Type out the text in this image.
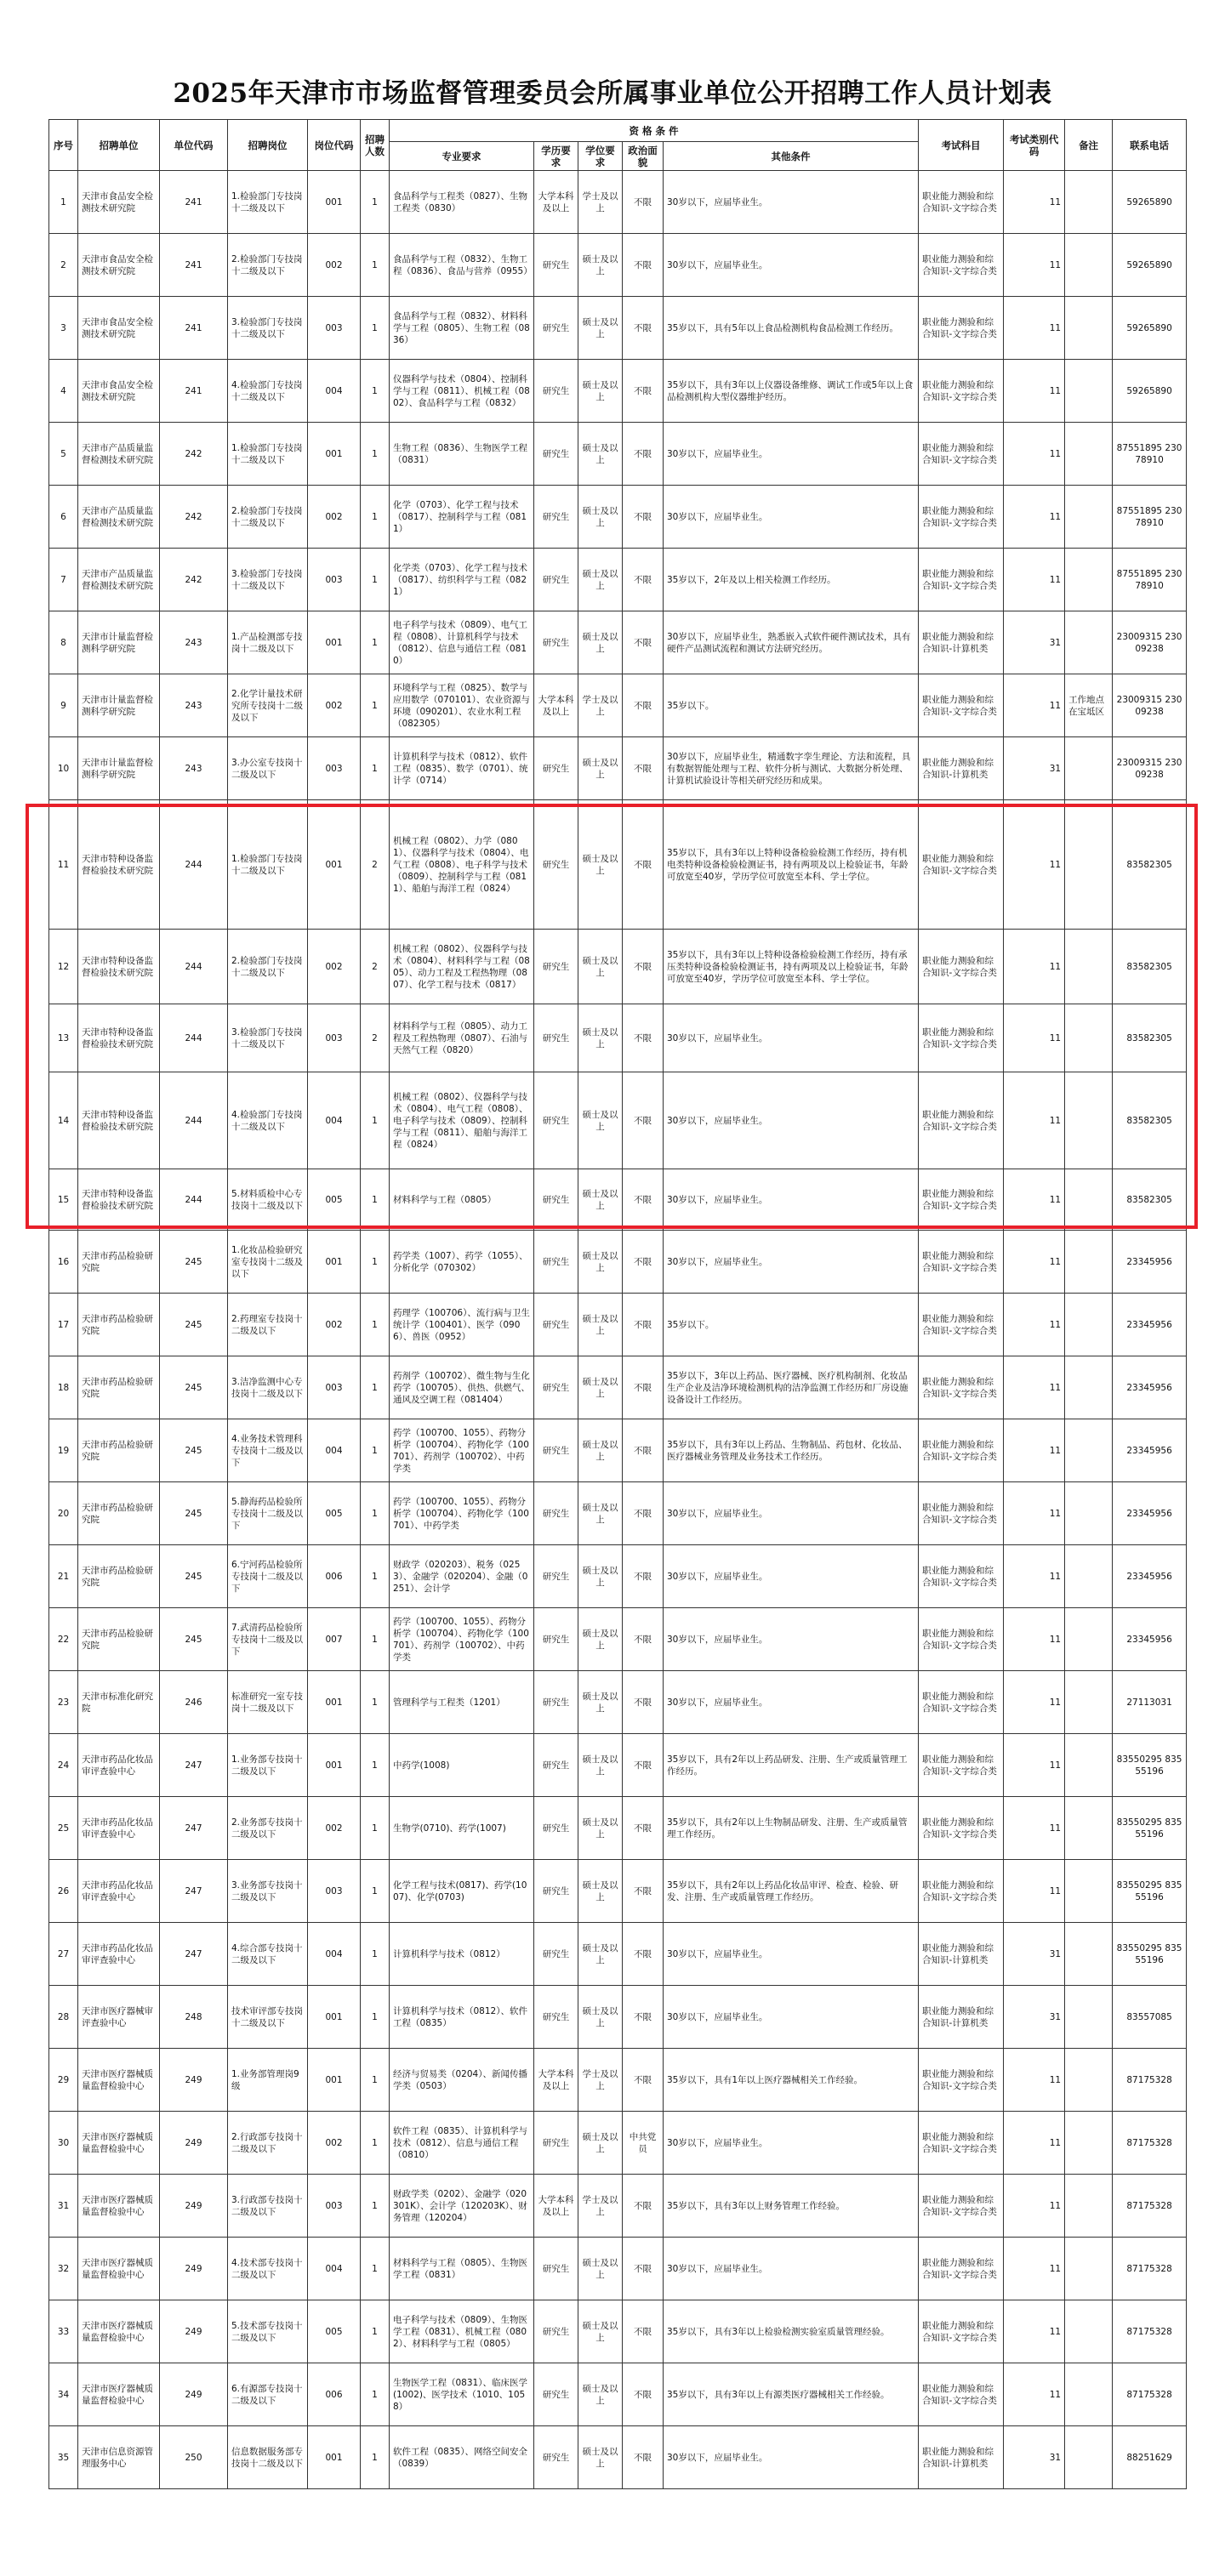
2025年天津市市场监督管理委员会所属事业单位公开招聘工作人员计划表
序号	招聘单位	单位代码	招聘岗位	岗位代码	招聘人数	资 格 条 件					考试科目	考试类别代码	备注	联系电话
						专业要求	学历要求	学位要求	政治面貌	其他条件				
1	天津市食品安全检测技术研究院	241	1.检验部门专技岗十二级及以下	001	1	食品科学与工程类（0827）、生物工程类（0830）	大学本科及以上	学士及以上	不限	30岁以下，应届毕业生。	职业能力测验和综合知识-文字综合类	11		59265890
2	天津市食品安全检测技术研究院	241	2.检验部门专技岗十二级及以下	002	1	食品科学与工程（0832）、生物工程（0836）、食品与营养（0955）	研究生	硕士及以上	不限	30岁以下，应届毕业生。	职业能力测验和综合知识-文字综合类	11		59265890
3	天津市食品安全检测技术研究院	241	3.检验部门专技岗十二级及以下	003	1	食品科学与工程（0832）、材料科学与工程（0805）、生物工程（0836）	研究生	硕士及以上	不限	35岁以下，具有5年以上食品检测机构食品检测工作经历。	职业能力测验和综合知识-文字综合类	11		59265890
4	天津市食品安全检测技术研究院	241	4.检验部门专技岗十二级及以下	004	1	仪器科学与技术（0804）、控制科学与工程（0811）、机械工程（0802）、食品科学与工程（0832）	研究生	硕士及以上	不限	35岁以下，具有3年以上仪器设备维修、调试工作或5年以上食品检测机构大型仪器维护经历。	职业能力测验和综合知识-文字综合类	11		59265890
5	天津市产品质量监督检测技术研究院	242	1.检验部门专技岗十二级及以下	001	1	生物工程（0836）、生物医学工程（0831）	研究生	硕士及以上	不限	30岁以下，应届毕业生。	职业能力测验和综合知识-文字综合类	11		87551895 23078910
6	天津市产品质量监督检测技术研究院	242	2.检验部门专技岗十二级及以下	002	1	化学（0703）、化学工程与技术（0817）、控制科学与工程（0811）	研究生	硕士及以上	不限	30岁以下，应届毕业生。	职业能力测验和综合知识-文字综合类	11		87551895 23078910
7	天津市产品质量监督检测技术研究院	242	3.检验部门专技岗十二级及以下	003	1	化学类（0703）、化学工程与技术（0817）、纺织科学与工程（0821）	研究生	硕士及以上	不限	35岁以下，2年及以上相关检测工作经历。	职业能力测验和综合知识-文字综合类	11		87551895 23078910
8	天津市计量监督检测科学研究院	243	1.产品检测部专技岗十二级及以下	001	1	电子科学与技术（0809）、电气工程（0808）、计算机科学与技术（0812）、信息与通信工程（0810）	研究生	硕士及以上	不限	30岁以下，应届毕业生，熟悉嵌入式软件硬件测试技术，具有硬件产品测试流程和测试方法研究经历。	职业能力测验和综合知识-计算机类	31		23009315 23009238
9	天津市计量监督检测科学研究院	243	2.化学计量技术研究所专技岗十二级及以下	002	1	环境科学与工程（0825）、数学与应用数学（070101）、农业资源与环境（090201）、农业水利工程（082305）	大学本科及以上	学士及以上	不限	35岁以下。	职业能力测验和综合知识-文字综合类	11	工作地点在宝坻区	23009315 23009238
10	天津市计量监督检测科学研究院	243	3.办公室专技岗十二级及以下	003	1	计算机科学与技术（0812）、软件工程（0835）、数学（0701）、统计学（0714）	研究生	硕士及以上	不限	30岁以下，应届毕业生，精通数字孪生理论、方法和流程，具有数据智能处理与工程、软件分析与测试、大数据分析处理、计算机试验设计等相关研究经历和成果。	职业能力测验和综合知识-计算机类	31		23009315 23009238
11	天津市特种设备监督检验技术研究院	244	1.检验部门专技岗十二级及以下	001	2	机械工程（0802）、力学（0801）、仪器科学与技术（0804）、电气工程（0808）、电子科学与技术（0809）、控制科学与工程（0811）、船舶与海洋工程（0824）	研究生	硕士及以上	不限	35岁以下，具有3年以上特种设备检验检测工作经历，持有机电类特种设备检验检测证书，持有两项及以上检验证书，年龄可放宽至40岁，学历学位可放宽至本科、学士学位。	职业能力测验和综合知识-文字综合类	11		83582305
12	天津市特种设备监督检验技术研究院	244	2.检验部门专技岗十二级及以下	002	2	机械工程（0802）、仪器科学与技术（0804）、材料科学与工程（0805）、动力工程及工程热物理（0807）、化学工程与技术（0817）	研究生	硕士及以上	不限	35岁以下，具有3年以上特种设备检验检测工作经历，持有承压类特种设备检验检测证书，持有两项及以上检验证书，年龄可放宽至40岁，学历学位可放宽至本科、学士学位。	职业能力测验和综合知识-文字综合类	11		83582305
13	天津市特种设备监督检验技术研究院	244	3.检验部门专技岗十二级及以下	003	2	材料科学与工程（0805）、动力工程及工程热物理（0807）、石油与天然气工程（0820）	研究生	硕士及以上	不限	30岁以下，应届毕业生。	职业能力测验和综合知识-文字综合类	11		83582305
14	天津市特种设备监督检验技术研究院	244	4.检验部门专技岗十二级及以下	004	1	机械工程（0802）、仪器科学与技术（0804）、电气工程（0808）、电子科学与技术（0809）、控制科学与工程（0811）、船舶与海洋工程（0824）	研究生	硕士及以上	不限	30岁以下，应届毕业生。	职业能力测验和综合知识-文字综合类	11		83582305
15	天津市特种设备监督检验技术研究院	244	5.材料质检中心专技岗十二级及以下	005	1	材料科学与工程（0805）	研究生	硕士及以上	不限	30岁以下，应届毕业生。	职业能力测验和综合知识-文字综合类	11		83582305
16	天津市药品检验研究院	245	1.化妆品检验研究室专技岗十二级及以下	001	1	药学类（1007）、药学（1055）、分析化学（070302）	研究生	硕士及以上	不限	30岁以下，应届毕业生。	职业能力测验和综合知识-文字综合类	11		23345956
17	天津市药品检验研究院	245	2.药理室专技岗十二级及以下	002	1	药理学（100706）、流行病与卫生统计学（100401）、医学（0906）、兽医（0952）	研究生	硕士及以上	不限	35岁以下。	职业能力测验和综合知识-文字综合类	11		23345956
18	天津市药品检验研究院	245	3.洁净监测中心专技岗十二级及以下	003	1	药剂学（100702）、微生物与生化药学（100705）、供热、供燃气、通风及空调工程（081404）	研究生	硕士及以上	不限	35岁以下，3年以上药品、医疗器械、医疗机构制剂、化妆品生产企业及洁净环境检测机构的洁净监测工作经历和厂房设施设备设计工作经历。	职业能力测验和综合知识-文字综合类	11		23345956
19	天津市药品检验研究院	245	4.业务技术管理科专技岗十二级及以下	004	1	药学（100700、1055）、药物分析学（100704）、药物化学（100701）、药剂学（100702）、中药学类	研究生	硕士及以上	不限	35岁以下，具有3年以上药品、生物制品、药包材、化妆品、医疗器械业务管理及业务技术工作经历。	职业能力测验和综合知识-文字综合类	11		23345956
20	天津市药品检验研究院	245	5.静海药品检验所专技岗十二级及以下	005	1	药学（100700、1055）、药物分析学（100704）、药物化学（100701）、中药学类	研究生	硕士及以上	不限	30岁以下，应届毕业生。	职业能力测验和综合知识-文字综合类	11		23345956
21	天津市药品检验研究院	245	6.宁河药品检验所专技岗十二级及以下	006	1	财政学（020203）、税务（0253）、金融学（020204）、金融（0251）、会计学	研究生	硕士及以上	不限	30岁以下，应届毕业生。	职业能力测验和综合知识-文字综合类	11		23345956
22	天津市药品检验研究院	245	7.武清药品检验所专技岗十二级及以下	007	1	药学（100700、1055）、药物分析学（100704）、药物化学（100701）、药剂学（100702）、中药学类	研究生	硕士及以上	不限	30岁以下，应届毕业生。	职业能力测验和综合知识-文字综合类	11		23345956
23	天津市标准化研究院	246	标准研究一室专技岗十二级及以下	001	1	管理科学与工程类（1201）	研究生	硕士及以上	不限	30岁以下，应届毕业生。	职业能力测验和综合知识-文字综合类	11		27113031
24	天津市药品化妆品审评查验中心	247	1.业务部专技岗十二级及以下	001	1	中药学(1008)	研究生	硕士及以上	不限	35岁以下，具有2年以上药品研发、注册、生产或质量管理工作经历。	职业能力测验和综合知识-文字综合类	11		83550295 83555196
25	天津市药品化妆品审评查验中心	247	2.业务部专技岗十二级及以下	002	1	生物学(0710)、药学(1007)	研究生	硕士及以上	不限	35岁以下，具有2年以上生物制品研发、注册、生产或质量管理工作经历。	职业能力测验和综合知识-文字综合类	11		83550295 83555196
26	天津市药品化妆品审评查验中心	247	3.业务部专技岗十二级及以下	003	1	化学工程与技术(0817)、药学(1007)、化学(0703)	研究生	硕士及以上	不限	35岁以下，具有2年以上药品化妆品审评、检查、检验、研发、注册、生产或质量管理工作经历。	职业能力测验和综合知识-文字综合类	11		83550295 83555196
27	天津市药品化妆品审评查验中心	247	4.综合部专技岗十二级及以下	004	1	计算机科学与技术（0812）	研究生	硕士及以上	不限	30岁以下，应届毕业生。	职业能力测验和综合知识-计算机类	31		83550295 83555196
28	天津市医疗器械审评查验中心	248	技术审评部专技岗十二级及以下	001	1	计算机科学与技术（0812）、软件工程（0835）	研究生	硕士及以上	不限	30岁以下，应届毕业生。	职业能力测验和综合知识-计算机类	31		83557085
29	天津市医疗器械质量监督检验中心	249	1.业务部管理岗9级	001	1	经济与贸易类（0204）、新闻传播学类（0503）	大学本科及以上	学士及以上	不限	35岁以下，具有1年以上医疗器械相关工作经验。	职业能力测验和综合知识-文字综合类	11		87175328
30	天津市医疗器械质量监督检验中心	249	2.行政部专技岗十二级及以下	002	1	软件工程（0835）、计算机科学与技术（0812）、信息与通信工程（0810）	研究生	硕士及以上	中共党员	30岁以下，应届毕业生。	职业能力测验和综合知识-文字综合类	11		87175328
31	天津市医疗器械质量监督检验中心	249	3.行政部专技岗十二级及以下	003	1	财政学类（0202）、金融学（020301K）、会计学（120203K）、财务管理（120204）	大学本科及以上	学士及以上	不限	35岁以下，具有3年以上财务管理工作经验。	职业能力测验和综合知识-文字综合类	11		87175328
32	天津市医疗器械质量监督检验中心	249	4.技术部专技岗十二级及以下	004	1	材料科学与工程（0805）、生物医学工程（0831）	研究生	硕士及以上	不限	30岁以下，应届毕业生。	职业能力测验和综合知识-文字综合类	11		87175328
33	天津市医疗器械质量监督检验中心	249	5.技术部专技岗十二级及以下	005	1	电子科学与技术（0809）、生物医学工程（0831）、机械工程（0802）、材料科学与工程（0805）	研究生	硕士及以上	不限	35岁以下，具有3年以上检验检测实验室质量管理经验。	职业能力测验和综合知识-文字综合类	11		87175328
34	天津市医疗器械质量监督检验中心	249	6.有源部专技岗十二级及以下	006	1	生物医学工程（0831）、临床医学(1002)、医学技术（1010、1058）	研究生	硕士及以上	不限	35岁以下，具有3年以上有源类医疗器械相关工作经验。	职业能力测验和综合知识-文字综合类	11		87175328
35	天津市信息资源管理服务中心	250	信息数据服务部专技岗十二级及以下	001	1	软件工程（0835）、网络空间安全（0839）	研究生	硕士及以上	不限	30岁以下，应届毕业生。	职业能力测验和综合知识-计算机类	31		88251629
